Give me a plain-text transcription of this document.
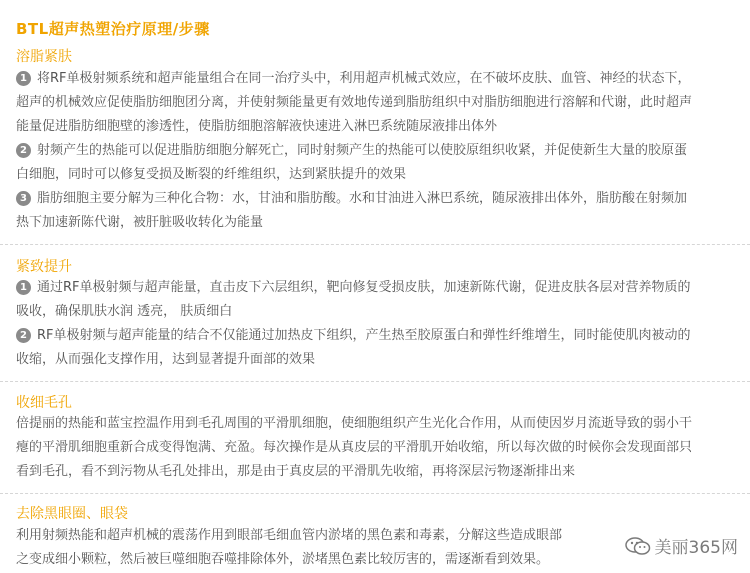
BTL超声热塑治疗原理/步骤
溶脂紧肤
1 将RF单极射频系统和超声能量组合在同一治疗头中，利用超声机械式效应，在不破坏皮肤、血管、神经的状态下，
超声的机械效应促使脂肪细胞团分离，并使射频能量更有效地传递到脂肪组织中对脂肪细胞进行溶解和代谢，此时超声
能量促进脂肪细胞壁的渗透性，使脂肪细胞溶解液快速进入淋巴系统随尿液排出体外
2 射频产生的热能可以促进脂肪细胞分解死亡，同时射频产生的热能可以使胶原组织收紧，并促使新生大量的胶原蛋
白细胞，同时可以修复受损及断裂的纤维组织，达到紧肤提升的效果
3 脂肪细胞主要分解为三种化合物：水，甘油和脂肪酸。水和甘油进入淋巴系统，随尿液排出体外，脂肪酸在射频加
热下加速新陈代谢，被肝脏吸收转化为能量
紧致提升
1 通过RF单极射频与超声能量，直击皮下六层组织，靶向修复受损皮肤，加速新陈代谢，促进皮肤各层对营养物质的
吸收，确保肌肤水润 透亮， 肤质细白
2 RF单极射频与超声能量的结合不仅能通过加热皮下组织，产生热至胶原蛋白和弹性纤维增生，同时能使肌肉被动的
收缩，从而强化支撑作用，达到显著提升面部的效果
收细毛孔
倍提丽的热能和蓝宝控温作用到毛孔周围的平滑肌细胞，使细胞组织产生光化合作用，从而使因岁月流逝导致的弱小干
瘪的平滑肌细胞重新合成变得饱满、充盈。每次操作是从真皮层的平滑肌开始收缩，所以每次做的时候你会发现面部只
看到毛孔，看不到污物从毛孔处排出，那是由于真皮层的平滑肌先收缩，再将深层污物逐渐排出来
去除黑眼圈、眼袋
利用射频热能和超声机械的震荡作用到眼部毛细血管内淤堵的黑色素和毒素，分解这些造成眼部
之变成细小颗粒，然后被巨噬细胞吞噬排除体外，淤堵黑色素比较厉害的，需逐渐看到效果。
美丽365网
